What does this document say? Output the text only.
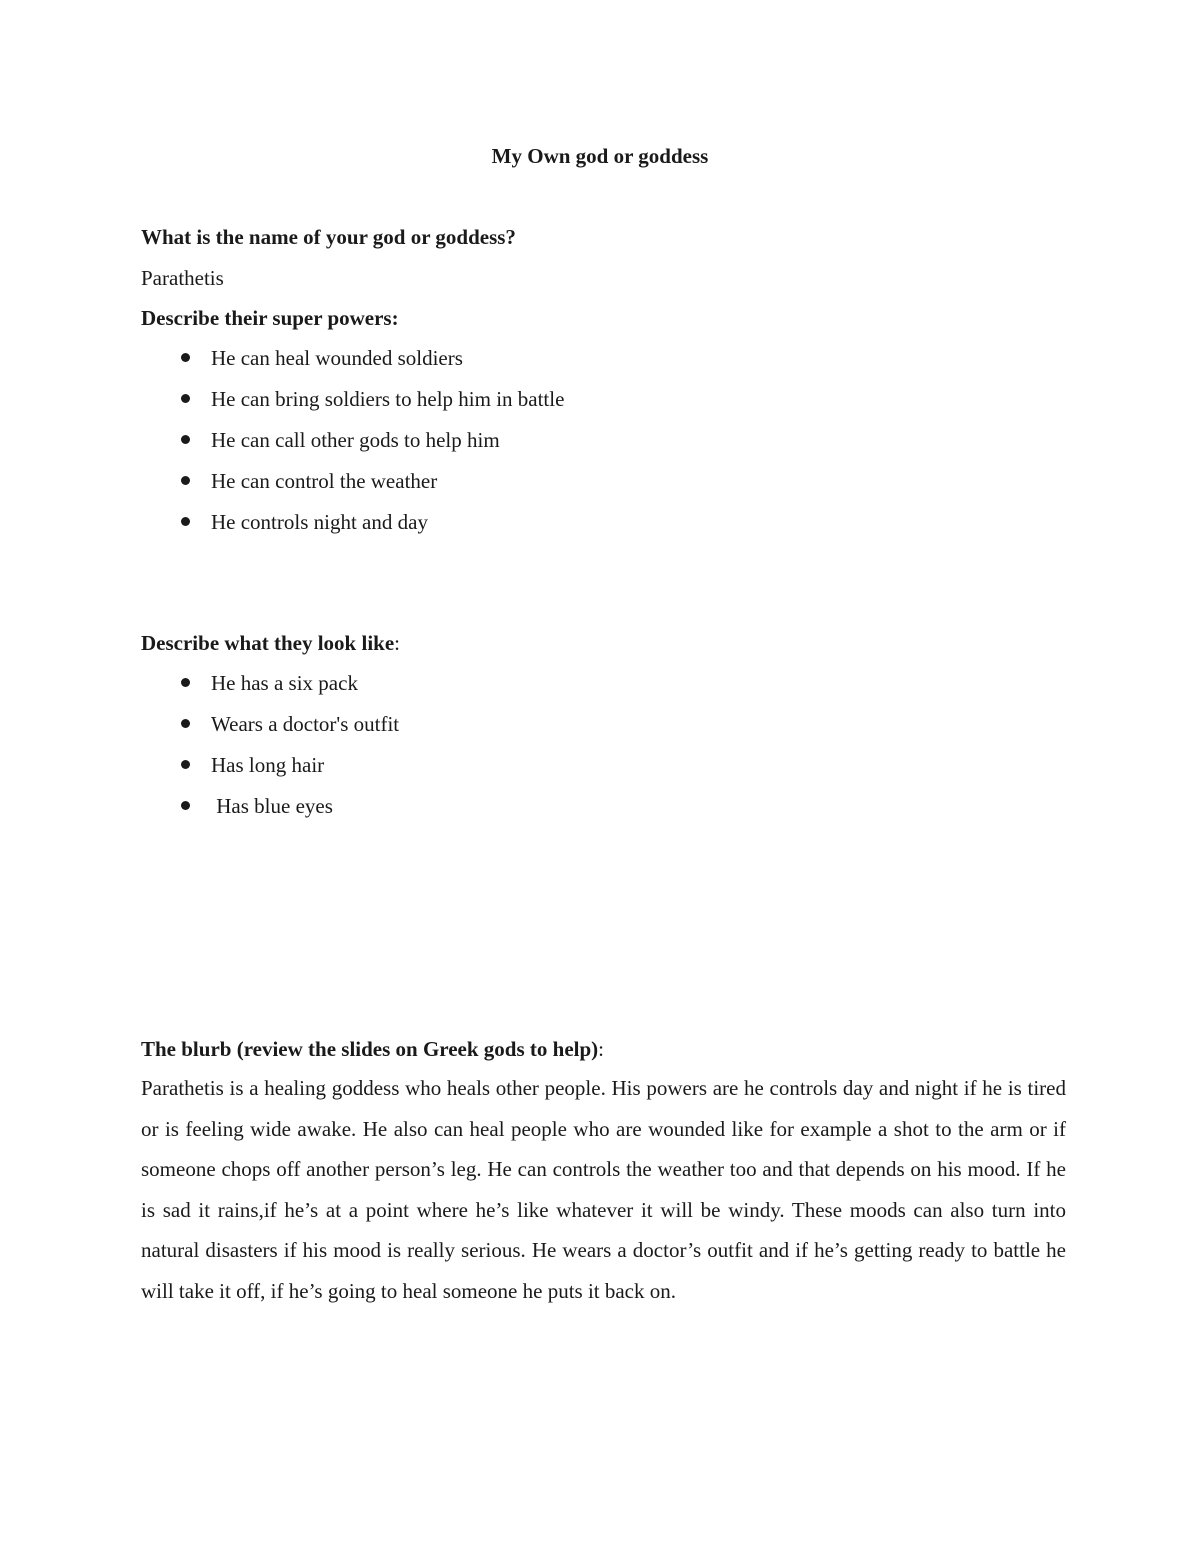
My Own god or goddess
What is the name of your god or goddess?
Parathetis
Describe their super powers:
He can heal wounded soldiers
He can bring soldiers to help him in battle
He can call other gods to help him
He can control the weather
He controls night and day
Describe what they look like:
He has a six pack
Wears a doctor's outfit
Has long hair
Has blue eyes
The blurb (review the slides on Greek gods to help):
Parathetis is a healing goddess who heals other people. His powers are he controls day and night if he is tired or is feeling wide awake. He also can heal people who are wounded like for example a shot to the arm or if someone chops off another person’s leg. He can controls the weather too and that depends on his mood. If he is sad it rains,if he’s at a point where he’s like whatever it will be windy. These moods can also turn into natural disasters if his mood is really serious. He wears a doctor’s outfit and if he’s getting ready to battle he will take it off, if he’s going to heal someone he puts it back on.
